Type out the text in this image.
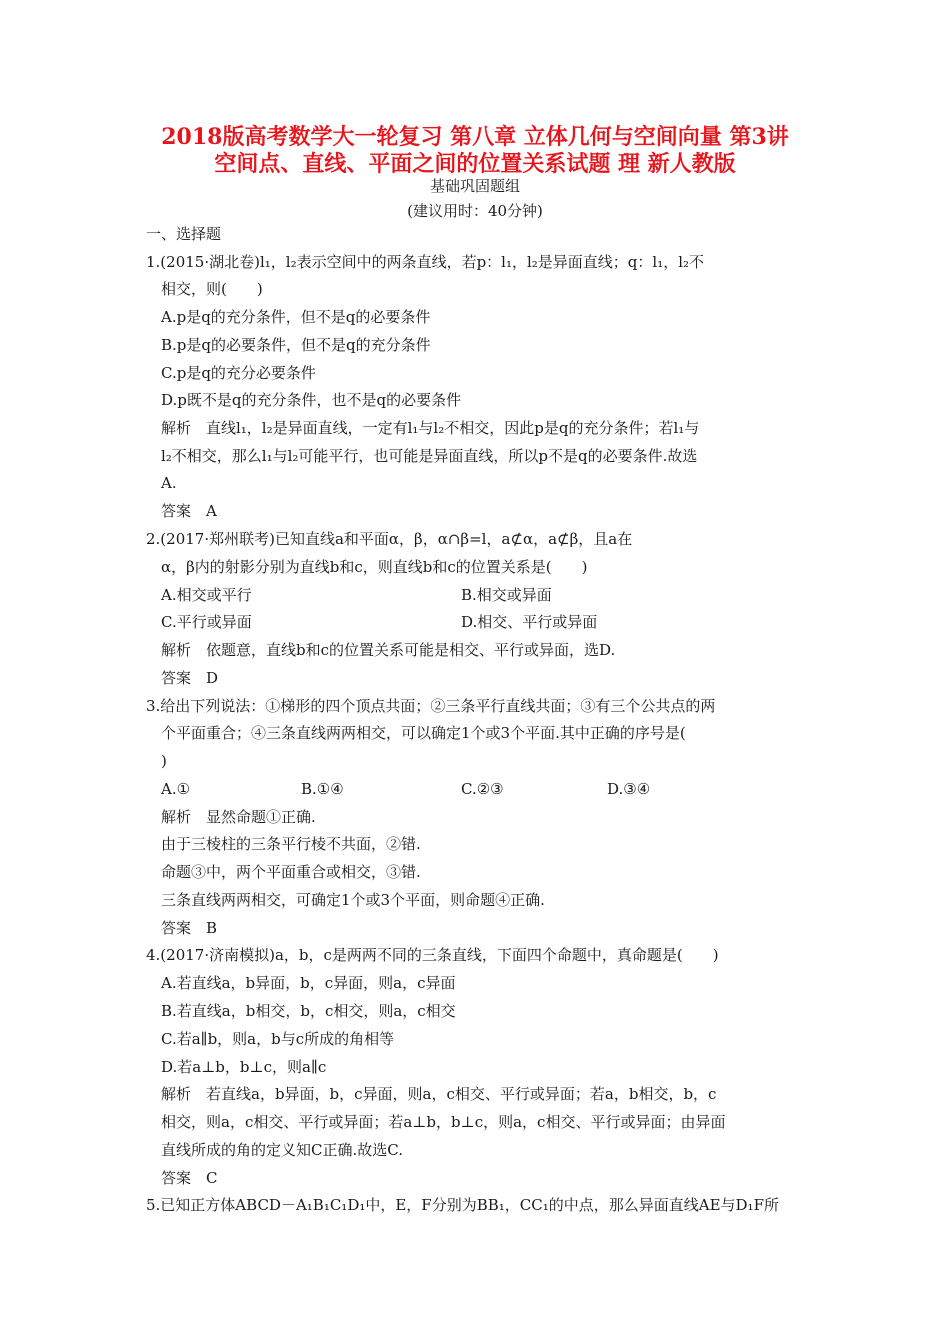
2018版高考数学大一轮复习 第八章 立体几何与空间向量 第3讲
空间点、直线、平面之间的位置关系试题 理 新人教版
基础巩固题组
(建议用时：40分钟)
一、选择题
1.(2015·湖北卷)l₁，l₂表示空间中的两条直线，若p：l₁，l₂是异面直线；q：l₁，l₂不
相交，则(　　)
A.p是q的充分条件，但不是q的必要条件
B.p是q的必要条件，但不是q的充分条件
C.p是q的充分必要条件
D.p既不是q的充分条件，也不是q的必要条件
解析　直线l₁，l₂是异面直线，一定有l₁与l₂不相交，因此p是q的充分条件；若l₁与
l₂不相交，那么l₁与l₂可能平行，也可能是异面直线，所以p不是q的必要条件.故选
A.
答案　A
2.(2017·郑州联考)已知直线a和平面α，β，α∩β=l，a⊄α，a⊄β，且a在
α，β内的射影分别为直线b和c，则直线b和c的位置关系是(　　)
A.相交或平行	B.相交或异面
C.平行或异面	D.相交、平行或异面
解析　依题意，直线b和c的位置关系可能是相交、平行或异面，选D.
答案　D
3.给出下列说法：①梯形的四个顶点共面；②三条平行直线共面；③有三个公共点的两
个平面重合；④三条直线两两相交，可以确定1个或3个平面.其中正确的序号是(
)
A.①	B.①④	C.②③	D.③④
解析　显然命题①正确.
由于三棱柱的三条平行棱不共面，②错.
命题③中，两个平面重合或相交，③错.
三条直线两两相交，可确定1个或3个平面，则命题④正确.
答案　B
4.(2017·济南模拟)a，b，c是两两不同的三条直线，下面四个命题中，真命题是(　　)
A.若直线a，b异面，b，c异面，则a，c异面
B.若直线a，b相交，b，c相交，则a，c相交
C.若a∥b，则a，b与c所成的角相等
D.若a⊥b，b⊥c，则a∥c
解析　若直线a，b异面，b，c异面，则a，c相交、平行或异面；若a，b相交，b，c
相交，则a，c相交、平行或异面；若a⊥b，b⊥c，则a，c相交、平行或异面；由异面
直线所成的角的定义知C正确.故选C.
答案　C
5.已知正方体ABCD－A₁B₁C₁D₁中，E，F分别为BB₁，CC₁的中点，那么异面直线AE与D₁F所
